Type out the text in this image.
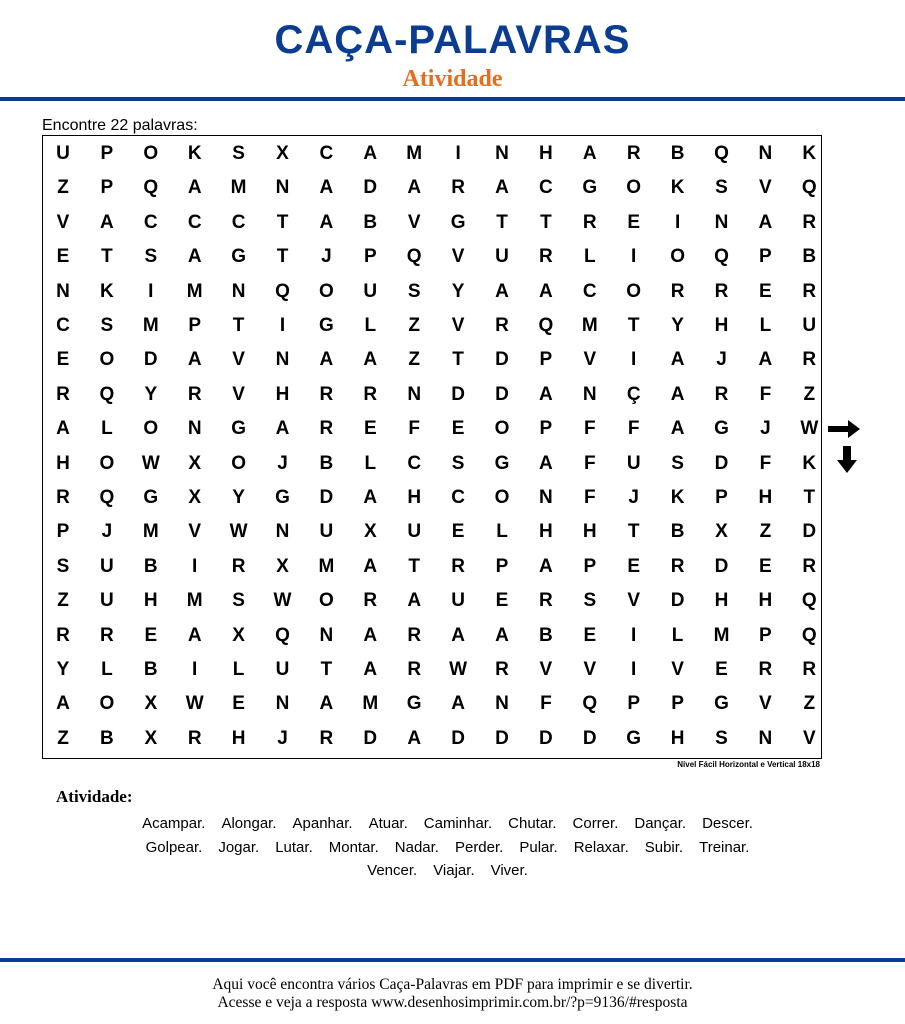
CAÇA-PALAVRAS
Atividade
Encontre 22 palavras:
U	P	O	K	S	X	C	A	M	I	N	H	A	R	B	Q	N	K
Z	P	Q	A	M	N	A	D	A	R	A	C	G	O	K	S	V	Q
V	A	C	C	C	T	A	B	V	G	T	T	R	E	I	N	A	R
E	T	S	A	G	T	J	P	Q	V	U	R	L	I	O	Q	P	B
N	K	I	M	N	Q	O	U	S	Y	A	A	C	O	R	R	E	R
C	S	M	P	T	I	G	L	Z	V	R	Q	M	T	Y	H	L	U
E	O	D	A	V	N	A	A	Z	T	D	P	V	I	A	J	A	R
R	Q	Y	R	V	H	R	R	N	D	D	A	N	Ç	A	R	F	Z
A	L	O	N	G	A	R	E	F	E	O	P	F	F	A	G	J	W
H	O	W	X	O	J	B	L	C	S	G	A	F	U	S	D	F	K
R	Q	G	X	Y	G	D	A	H	C	O	N	F	J	K	P	H	T
P	J	M	V	W	N	U	X	U	E	L	H	H	T	B	X	Z	D
S	U	B	I	R	X	M	A	T	R	P	A	P	E	R	D	E	R
Z	U	H	M	S	W	O	R	A	U	E	R	S	V	D	H	H	Q
R	R	E	A	X	Q	N	A	R	A	A	B	E	I	L	M	P	Q
Y	L	B	I	L	U	T	A	R	W	R	V	V	I	V	E	R	R
A	O	X	W	E	N	A	M	G	A	N	F	Q	P	P	G	V	Z
Z	B	X	R	H	J	R	D	A	D	D	D	D	G	H	S	N	V
Nível Fácil Horizontal e Vertical 18x18
Atividade:
Acampar. Alongar. Apanhar. Atuar. Caminhar. Chutar. Correr. Dançar. Descer.
Golpear. Jogar. Lutar. Montar. Nadar. Perder. Pular. Relaxar. Subir. Treinar.
Vencer. Viajar. Viver.
Aqui você encontra vários Caça-Palavras em PDF para imprimir e se divertir.
Acesse e veja a resposta www.desenhosimprimir.com.br/?p=9136/#resposta
